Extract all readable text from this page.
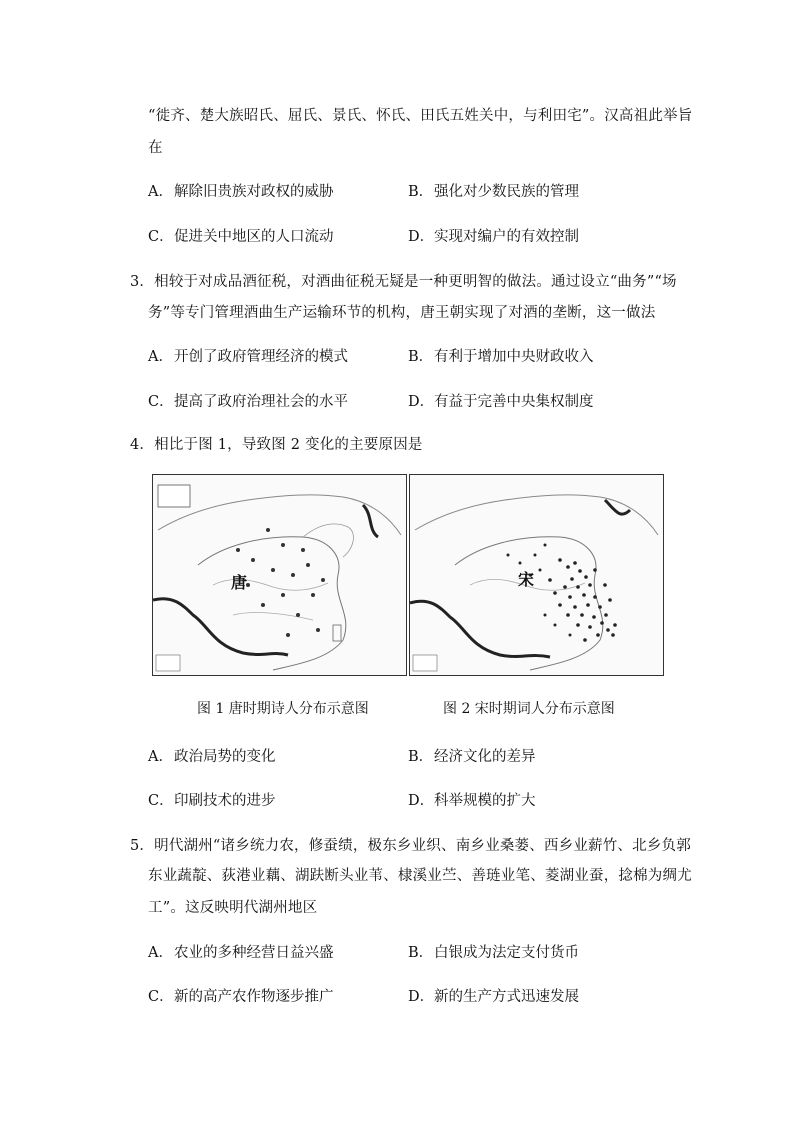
“徙齐、楚大族昭氏、屈氏、景氏、怀氏、田氏五姓关中，与利田宅”。汉高祖此举旨
在
A．解除旧贵族对政权的威胁	B．强化对少数民族的管理
C．促进关中地区的人口流动	D．实现对编户的有效控制
3．相较于对成品酒征税，对酒曲征税无疑是一种更明智的做法。通过设立“曲务”“场
务”等专门管理酒曲生产运输环节的机构，唐王朝实现了对酒的垄断，这一做法
A．开创了政府管理经济的模式	B．有利于增加中央财政收入
C．提高了政府治理社会的水平	D．有益于完善中央集权制度
4．相比于图 1，导致图 2 变化的主要原因是
唐	宋
图 1 唐时期诗人分布示意图	图 2 宋时期词人分布示意图
A．政治局势的变化	B．经济文化的差异
C．印刷技术的进步	D．科举规模的扩大
5．明代湖州“诸乡统力农，修蚕绩，极东乡业织、南乡业桑蒌、西乡业薪竹、北乡负郭
东业蔬靛、荻港业藕、湖趺断头业苇、棣溪业苎、善琏业笔、菱湖业蚕，捻棉为绸尤
工”。这反映明代湖州地区
A．农业的多种经营日益兴盛	B．白银成为法定支付货币
C．新的高产农作物逐步推广	D．新的生产方式迅速发展
